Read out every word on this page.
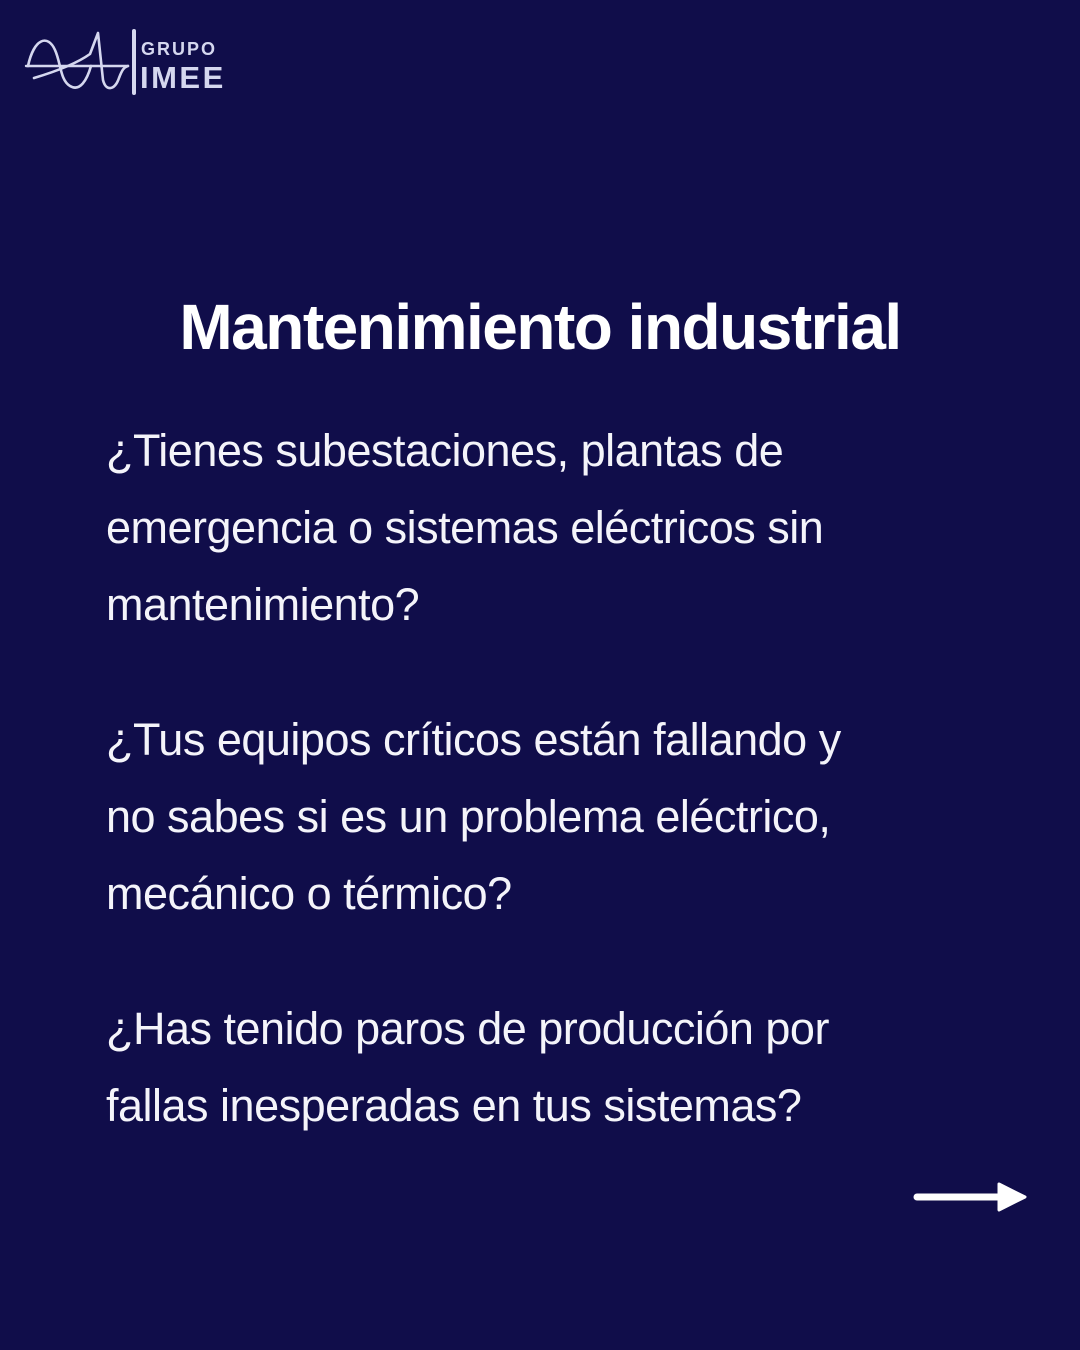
GRUPO
IMEE
Mantenimiento industrial

¿Tienes subestaciones, plantas de
emergencia o sistemas eléctricos sin
mantenimiento?

¿Tus equipos críticos están fallando y
no sabes si es un problema eléctrico,
mecánico o térmico?

¿Has tenido paros de producción por
fallas inesperadas en tus sistemas?
